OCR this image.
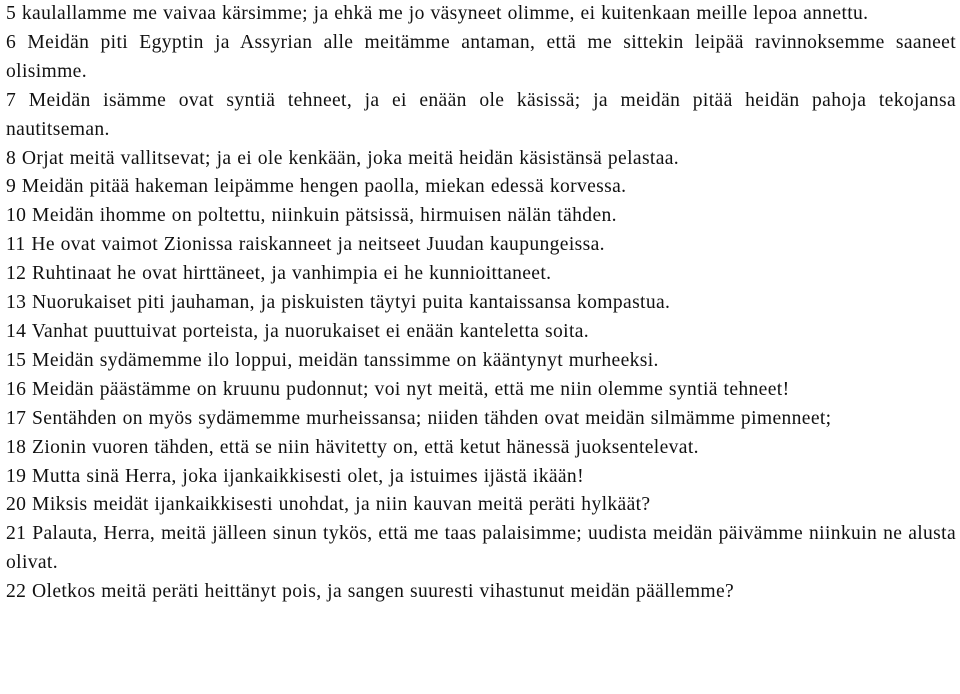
5 kaulallamme me vaivaa kärsimme; ja ehkä me jo väsyneet olimme, ei kuitenkaan meille lepoa annettu.

6 Meidän piti Egyptin ja Assyrian alle meitämme antaman, että me sittekin leipää ravinnoksemme saaneet olisimme.

7 Meidän isämme ovat syntiä tehneet, ja ei enään ole käsissä; ja meidän pitää heidän pahoja tekojansa nautitseman.

8 Orjat meitä vallitsevat; ja ei ole kenkään, joka meitä heidän käsistänsä pelastaa.

9 Meidän pitää hakeman leipämme hengen paolla, miekan edessä korvessa.

10 Meidän ihomme on poltettu, niinkuin pätsissä, hirmuisen nälän tähden.

11 He ovat vaimot Zionissa raiskanneet ja neitseet Juudan kaupungeissa.

12 Ruhtinaat he ovat hirttäneet, ja vanhimpia ei he kunnioittaneet.

13 Nuorukaiset piti jauhaman, ja piskuisten täytyi puita kantaissansa kompastua.

14 Vanhat puuttuivat porteista, ja nuorukaiset ei enään kanteletta soita.

15 Meidän sydämemme ilo loppui, meidän tanssimme on kääntynyt murheeksi.

16 Meidän päästämme on kruunu pudonnut; voi nyt meitä, että me niin olemme syntiä tehneet!

17 Sentähden on myös sydämemme murheissansa; niiden tähden ovat meidän silmämme pimenneet;

18 Zionin vuoren tähden, että se niin hävitetty on, että ketut hänessä juoksentelevat.

19 Mutta sinä Herra, joka ijankaikkisesti olet, ja istuimes ijästä ikään!

20 Miksis meidät ijankaikkisesti unohdat, ja niin kauvan meitä peräti hylkäät?

21 Palauta, Herra, meitä jälleen sinun tykös, että me taas palaisimme; uudista meidän päivämme niinkuin ne alusta olivat.

22 Oletkos meitä peräti heittänyt pois, ja sangen suuresti vihastunut meidän päällemme?
